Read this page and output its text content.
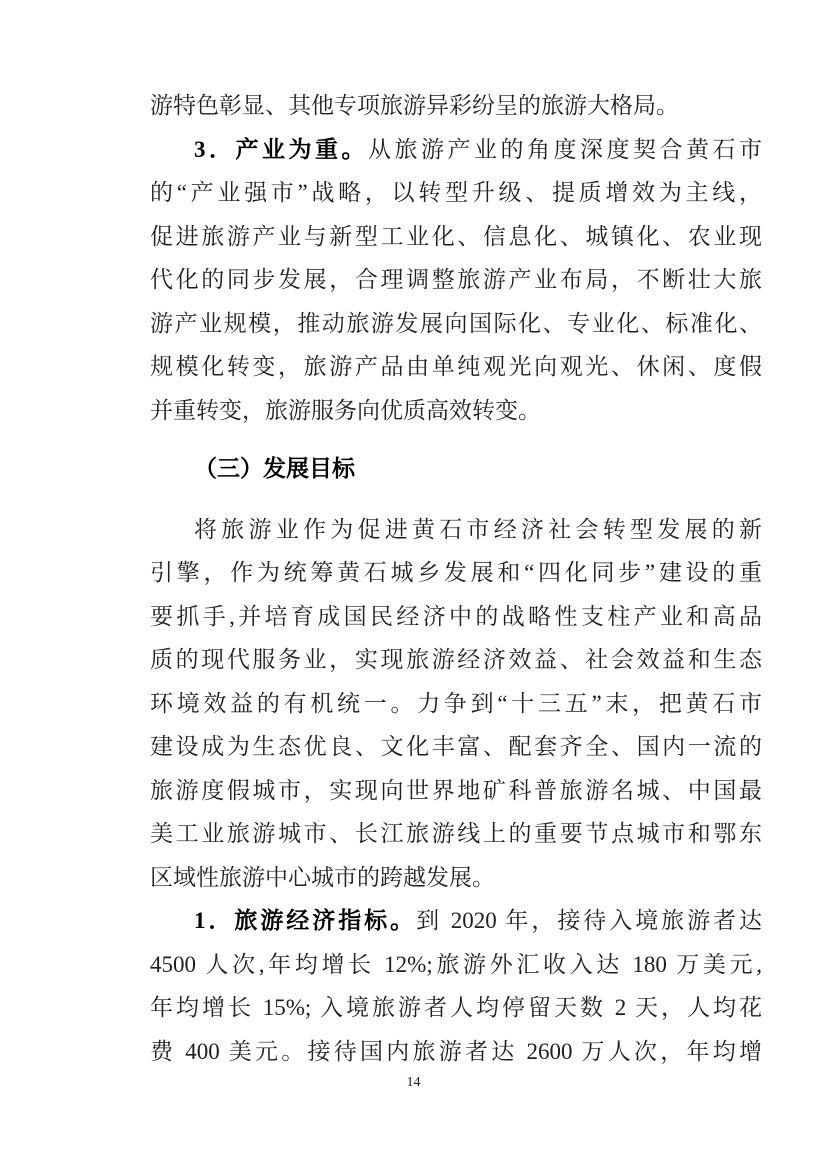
游特色彰显、其他专项旅游异彩纷呈的旅游大格局。
3．产业为重。从旅游产业的角度深度契合黄石市
的“产业强市”战略，以转型升级、提质增效为主线，
促进旅游产业与新型工业化、信息化、城镇化、农业现
代化的同步发展，合理调整旅游产业布局，不断壮大旅
游产业规模，推动旅游发展向国际化、专业化、标准化、
规模化转变，旅游产品由单纯观光向观光、休闲、度假
并重转变，旅游服务向优质高效转变。
（三）发展目标
将旅游业作为促进黄石市经济社会转型发展的新
引擎，作为统筹黄石城乡发展和“四化同步”建设的重
要抓手,并培育成国民经济中的战略性支柱产业和高品
质的现代服务业，实现旅游经济效益、社会效益和生态
环境效益的有机统一。力争到“十三五”末，把黄石市
建设成为生态优良、文化丰富、配套齐全、国内一流的
旅游度假城市，实现向世界地矿科普旅游名城、中国最
美工业旅游城市、长江旅游线上的重要节点城市和鄂东
区域性旅游中心城市的跨越发展。
1．旅游经济指标。到 2020 年，接待入境旅游者达
4500 人次,年均增长 12%;旅游外汇收入达 180 万美元,
年均增长 15%; 入境旅游者人均停留天数 2 天，人均花
费 400 美元。接待国内旅游者达 2600 万人次，年均增
14
